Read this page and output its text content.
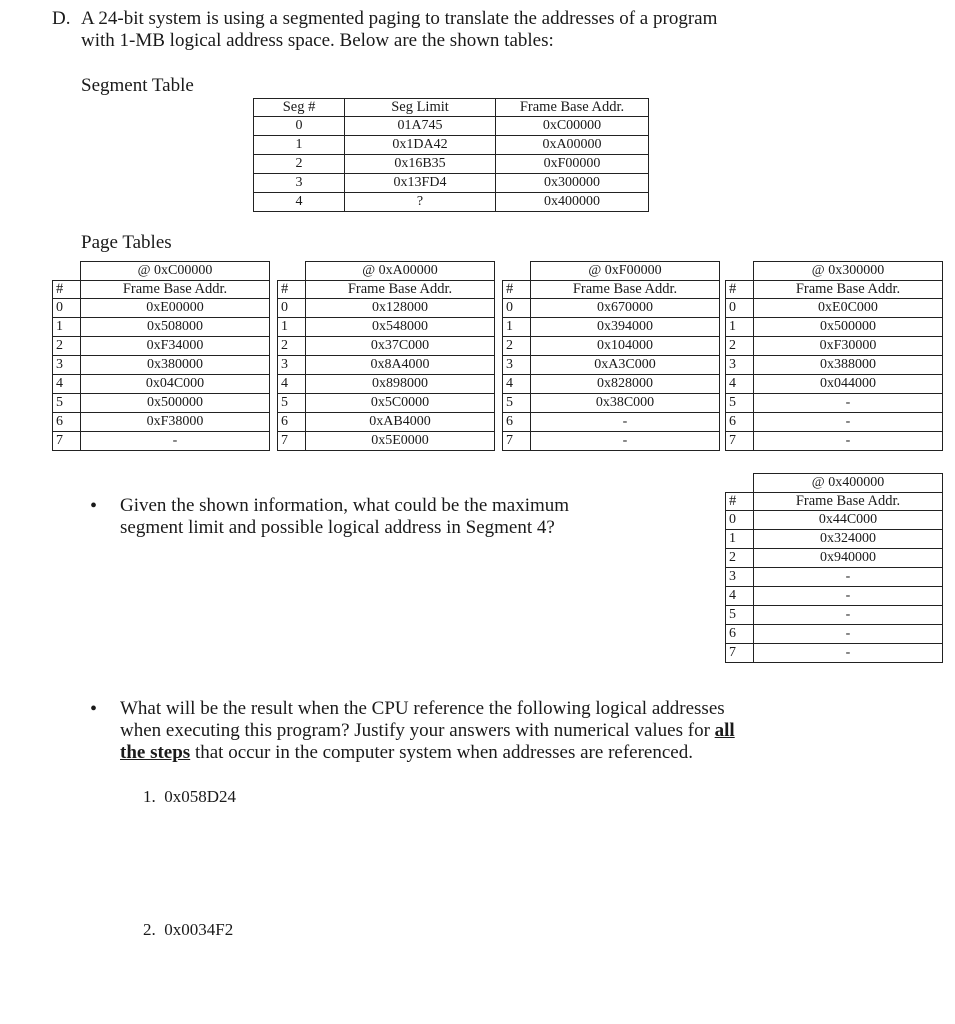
D. A 24-bit system is using a segmented paging to translate the addresses of a program
with 1-MB logical address space. Below are the shown tables:
Segment Table
Seg #	Seg Limit	Frame Base Addr.
0	01A745	0xC00000
1	0x1DA42	0xA00000
2	0x16B35	0xF00000
3	0x13FD4	0x300000
4	?	0x400000
Page Tables
	@ 0xC00000
#	Frame Base Addr.
0	0xE00000
1	0x508000
2	0xF34000
3	0x380000
4	0x04C000
5	0x500000
6	0xF38000
7	-
	@ 0xA00000
#	Frame Base Addr.
0	0x128000
1	0x548000
2	0x37C000
3	0x8A4000
4	0x898000
5	0x5C0000
6	0xAB4000
7	0x5E0000
	@ 0xF00000
#	Frame Base Addr.
0	0x670000
1	0x394000
2	0x104000
3	0xA3C000
4	0x828000
5	0x38C000
6	-
7	-
	@ 0x300000
#	Frame Base Addr.
0	0xE0C000
1	0x500000
2	0xF30000
3	0x388000
4	0x044000
5	-
6	-
7	-
	@ 0x400000
#	Frame Base Addr.
0	0x44C000
1	0x324000
2	0x940000
3	-
4	-
5	-
6	-
7	-
• Given the shown information, what could be the maximum
segment limit and possible logical address in Segment 4?
• What will be the result when the CPU reference the following logical addresses
when executing this program? Justify your answers with numerical values for all
the steps that occur in the computer system when addresses are referenced.
1. 0x058D24
2. 0x0034F2
